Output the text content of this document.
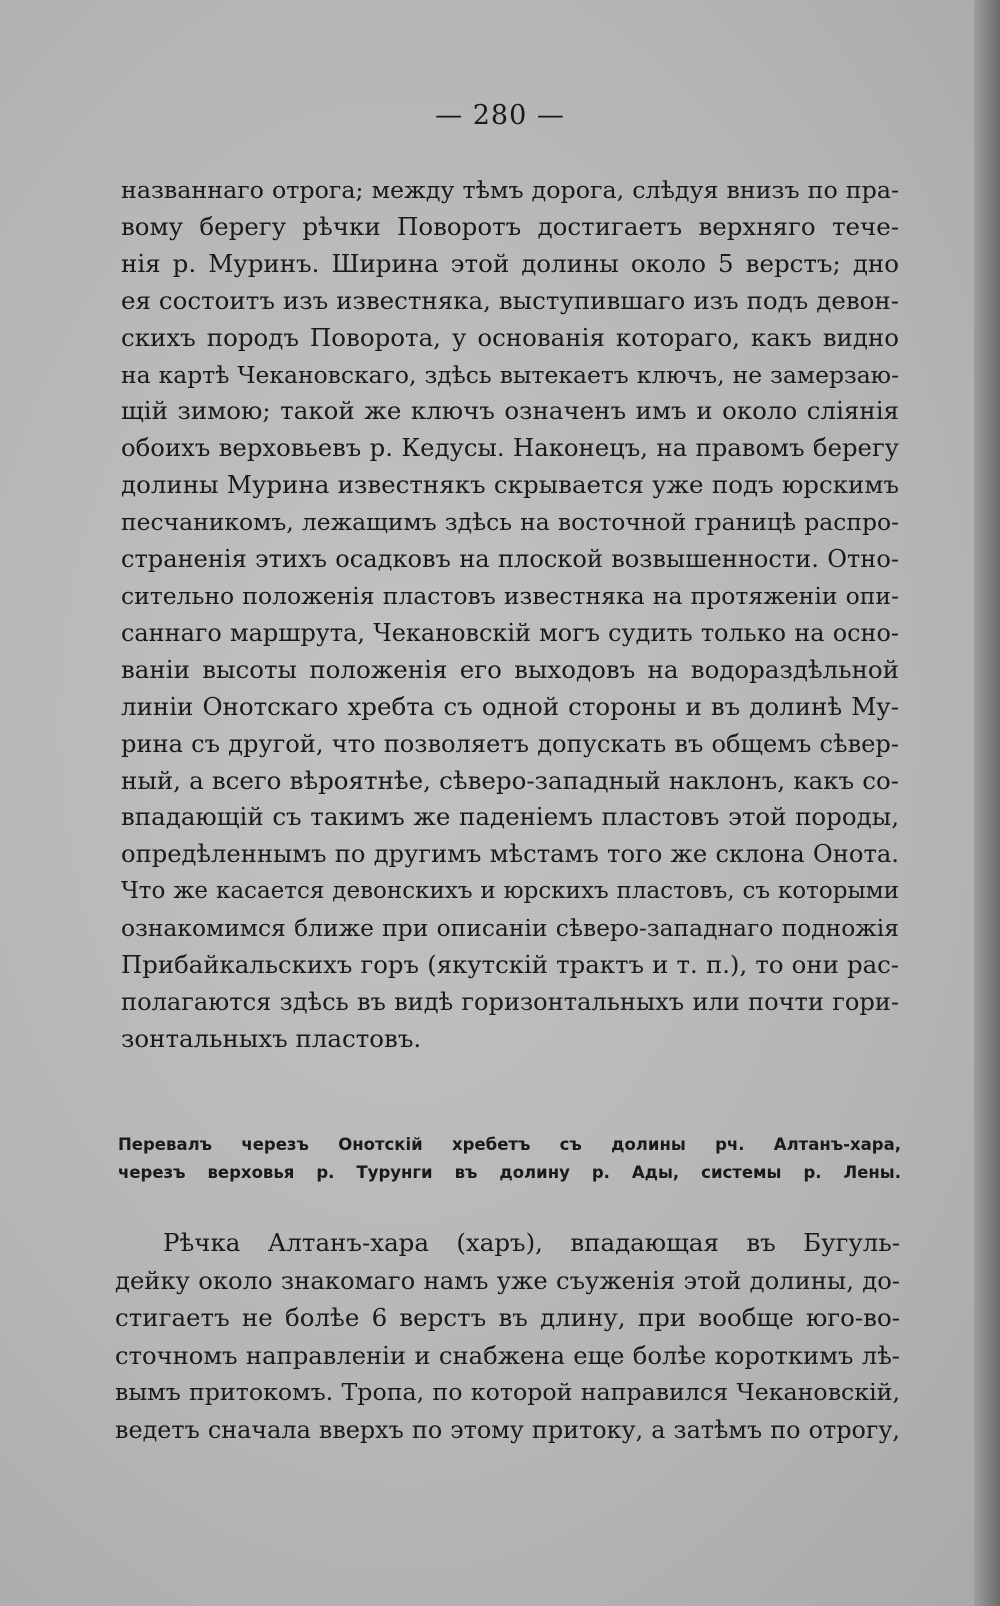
— 280 —
названнаго отрога; между тѣмъ дорога, слѣдуя внизъ по пра-
вому берегу рѣчки Поворотъ достигаетъ верхняго тече-
нія р. Муринъ. Ширина этой долины около 5 верстъ; дно
ея состоитъ изъ известняка, выступившаго изъ подъ девон-
скихъ породъ Поворота, у основанія котораго, какъ видно
на картѣ Чекановскаго, здѣсь вытекаетъ ключъ, не замерзаю-
щій зимою; такой же ключъ означенъ имъ и около сліянія
обоихъ верховьевъ р. Кедусы. Наконецъ, на правомъ берегу
долины Мурина известнякъ скрывается уже подъ юрскимъ
песчаникомъ, лежащимъ здѣсь на восточной границѣ распро-
страненія этихъ осадковъ на плоской возвышенности. Отно-
сительно положенія пластовъ известняка на протяженіи опи-
саннаго маршрута, Чекановскій могъ судить только на осно-
ваніи высоты положенія его выходовъ на водораздѣльной
линіи Онотскаго хребта съ одной стороны и въ долинѣ Му-
рина съ другой, что позволяетъ допускать въ общемъ сѣвер-
ный, а всего вѣроятнѣе, сѣверо-западный наклонъ, какъ со-
впадающій съ такимъ же паденіемъ пластовъ этой породы,
опредѣленнымъ по другимъ мѣстамъ того же склона Онота.
Что же касается девонскихъ и юрскихъ пластовъ, съ которыми
ознакомимся ближе при описаніи сѣверо-западнаго подножія
Прибайкальскихъ горъ (якутскій трактъ и т. п.), то они рас-
полагаются здѣсь въ видѣ горизонтальныхъ или почти гори-
зонтальныхъ пластовъ.
Перевалъ черезъ Онотскій хребетъ съ долины рч. Алтанъ-хара,
черезъ верховья р. Турунги въ долину р. Ады, системы р. Лены.
Рѣчка Алтанъ-хара (харъ), впадающая въ Бугуль-
дейку около знакомаго намъ уже съуженія этой долины, до-
стигаетъ не болѣе 6 верстъ въ длину, при вообще юго-во-
сточномъ направленіи и снабжена еще болѣе короткимъ лѣ-
вымъ притокомъ. Тропа, по которой направился Чекановскій,
ведетъ сначала вверхъ по этому притоку, а затѣмъ по отрогу,
